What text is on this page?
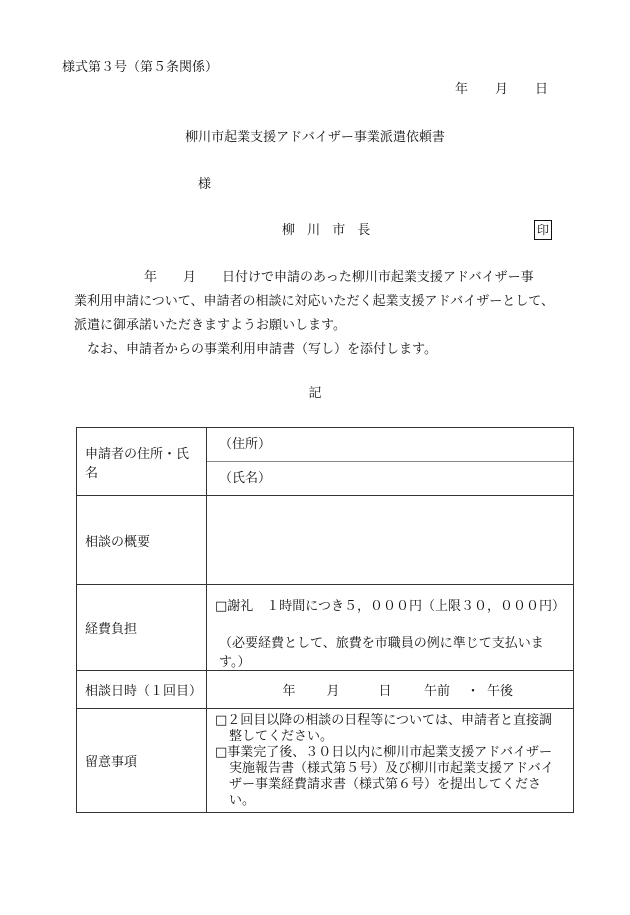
様式第３号（第５条関係）
年 月 日
柳川市起業支援アドバイザー事業派遣依頼書
様
柳 川 市 長	印

年 月 日付けで申請のあった柳川市起業支援アドバイザー事

業利用申請について、申請者の相談に対応いただく起業支援アドバイザーとして、

派遣に御承諾いただきますようお願いします。

なお、申請者からの事業利用申請書（写し）を添付します。

記
申請者の住所・氏名	（住所）
（氏名）

相談の概要	
経費負担	□謝礼　１時間につき５，０００円（上限３０，０００円）
（必要経費として、旅費を市職員の例に準じて支払います。）

相談日時（１回目）	年 月 日 午前 ・ 午後
留意事項	□２回目以降の相談の日程等については、申請者と直接調
整してください。
□事業完了後、３０日以内に柳川市起業支援アドバイザー
実施報告書（様式第５号）及び柳川市起業支援アドバイ
ザー事業経費請求書（様式第６号）を提出してください。
